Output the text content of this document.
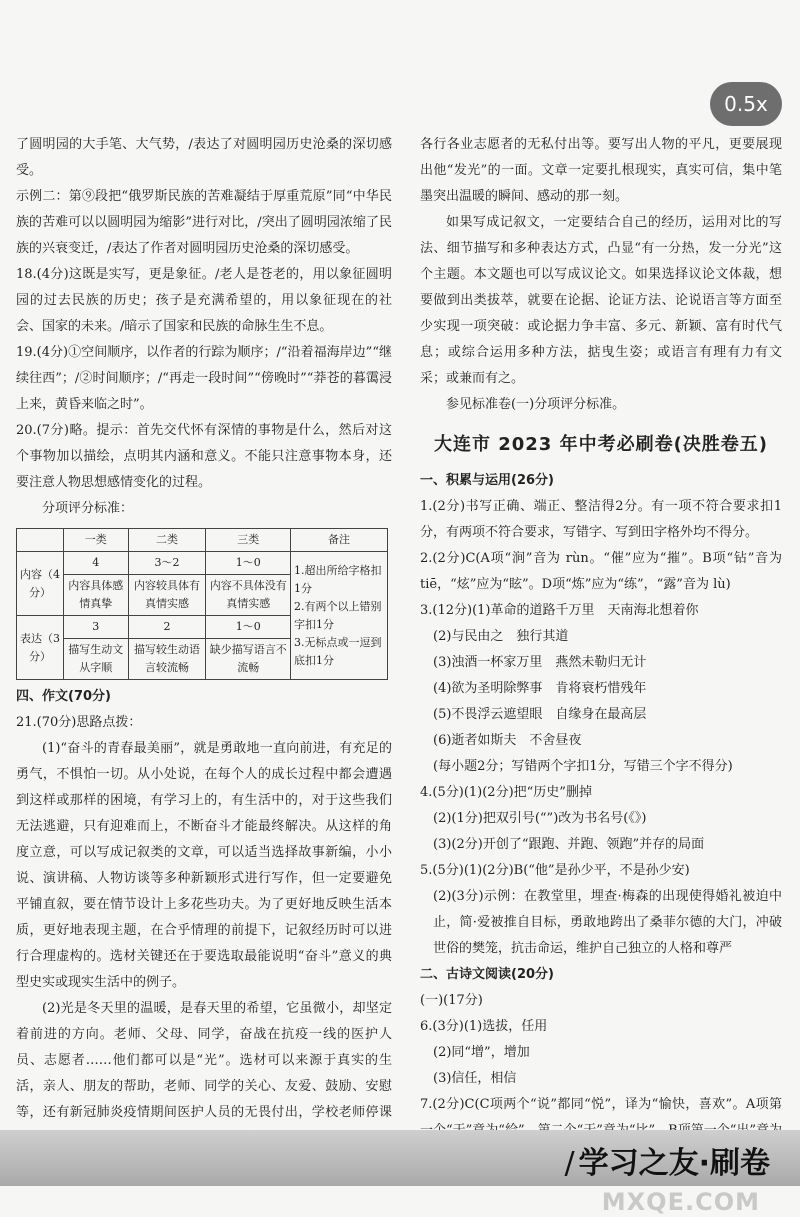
0.5x

了圆明园的大手笔、大气势，/表达了对圆明园历史沧桑的深切感受。

示例二：第⑨段把“俄罗斯民族的苦难凝结于厚重荒原”同“中华民族的苦难可以以圆明园为缩影”进行对比，/突出了圆明园浓缩了民族的兴衰变迁，/表达了作者对圆明园历史沧桑的深切感受。

18.(4分)这既是实写，更是象征。/老人是苍老的，用以象征圆明园的过去民族的历史；孩子是充满希望的，用以象征现在的社会、国家的未来。/暗示了国家和民族的命脉生生不息。

19.(4分)①空间顺序，以作者的行踪为顺序；/“沿着福海岸边”“继续往西”；/②时间顺序；/“再走一段时间”“傍晚时”“莽苍的暮霭浸上来，黄昏来临之时”。

20.(7分)略。提示：首先交代怀有深情的事物是什么，然后对这个事物加以描绘，点明其内涵和意义。不能只注意事物本身，还要注意人物思想感情变化的过程。

分项评分标准：

	一类	二类	三类	备注
内容（4分）	4	3～2	1～0	1.超出所给字格扣1分
2.有两个以上错别字扣1分
3.无标点或一逗到底扣1分

	内容具体感情真挚	内容较具体有真情实感	内容不具体没有真情实感	
表达（3分）	3	2	1～0	
	描写生动文从字顺	描写较生动语言较流畅	缺少描写语言不流畅	

四、作文(70分)

21.(70分)思路点拨：

(1)“奋斗的青春最美丽”，就是勇敢地一直向前进，有充足的勇气，不惧怕一切。从小处说，在每个人的成长过程中都会遭遇到这样或那样的困境，有学习上的，有生活中的，对于这些我们无法逃避，只有迎难而上，不断奋斗才能最终解决。从这样的角度立意，可以写成记叙类的文章，可以适当选择故事新编，小小说、演讲稿、人物访谈等多种新颖形式进行写作，但一定要避免平铺直叙，要在情节设计上多花些功夫。为了更好地反映生活本质，更好地表现主题，在合乎情理的前提下，记叙经历时可以进行合理虚构的。选材关键还在于要选取最能说明“奋斗”意义的典型史实或现实生活中的例子。

(2)光是冬天里的温暖，是春天里的希望，它虽微小，却坚定着前进的方向。老师、父母、同学，奋战在抗疫一线的医护人员、志愿者……他们都可以是“光”。选材可以来源于真实的生活，亲人、朋友的帮助，老师、同学的关心、友爱、鼓励、安慰等，还有新冠肺炎疫情期间医护人员的无畏付出，学校老师停课

各行各业志愿者的无私付出等。要写出人物的平凡，更要展现出他“发光”的一面。文章一定要扎根现实，真实可信，集中笔墨突出温暖的瞬间、感动的那一刻。

如果写成记叙文，一定要结合自己的经历，运用对比的写法、细节描写和多种表达方式，凸显“有一分热，发一分光”这个主题。本文题也可以写成议论文。如果选择议论文体裁，想要做到出类拔萃，就要在论据、论证方法、论说语言等方面至少实现一项突破：或论据力争丰富、多元、新颖、富有时代气息；或综合运用多种方法，掂曳生姿；或语言有理有力有文采；或兼而有之。

参见标准卷(一)分项评分标准。

大连市 2023 年中考必刷卷(决胜卷五)

一、积累与运用(26分)

1.(2分)书写正确、端正、整洁得2分。有一项不符合要求扣1分，有两项不符合要求，写错字、写到田字格外均不得分。

2.(2分)C(A项“涧”音为 rùn。“催”应为“摧”。B项“钻”音为 tiē，“炫”应为“眩”。D项“炼”应为“练”，“露”音为 lù)

3.(12分)(1)革命的道路千万里　天南海北想着你

(2)与民由之　独行其道

(3)浊酒一杯家万里　燕然未勒归无计

(4)欲为圣明除弊事　肯将衰朽惜残年

(5)不畏浮云遮望眼　自缘身在最高层

(6)逝者如斯夫　不舍昼夜

(每小题2分；写错两个字扣1分，写错三个字不得分)

4.(5分)(1)(2分)把“历史”删掉

(2)(1分)把双引号(“”)改为书名号(《》)

(3)(2分)开创了“跟跑、并跑、领跑”并存的局面

5.(5分)(1)(2分)B(“他”是孙少平，不是孙少安)

(2)(3分)示例：在教堂里，埋查·梅森的出现使得婚礼被迫中止，简·爱被推自目标，勇敢地跨出了桑菲尔德的大门，冲破世俗的樊笼，抗击命运，维护自己独立的人格和尊严

二、古诗文阅读(20分)

(一)(17分)

6.(3分)(1)选拔，任用

(2)同“增”，增加

(3)信任，相信

7.(2分)C(C项两个“说”都同“悦”，译为“愉快，喜欢”。A项第

/ 学习之友·刷卷
MXQE.COM
